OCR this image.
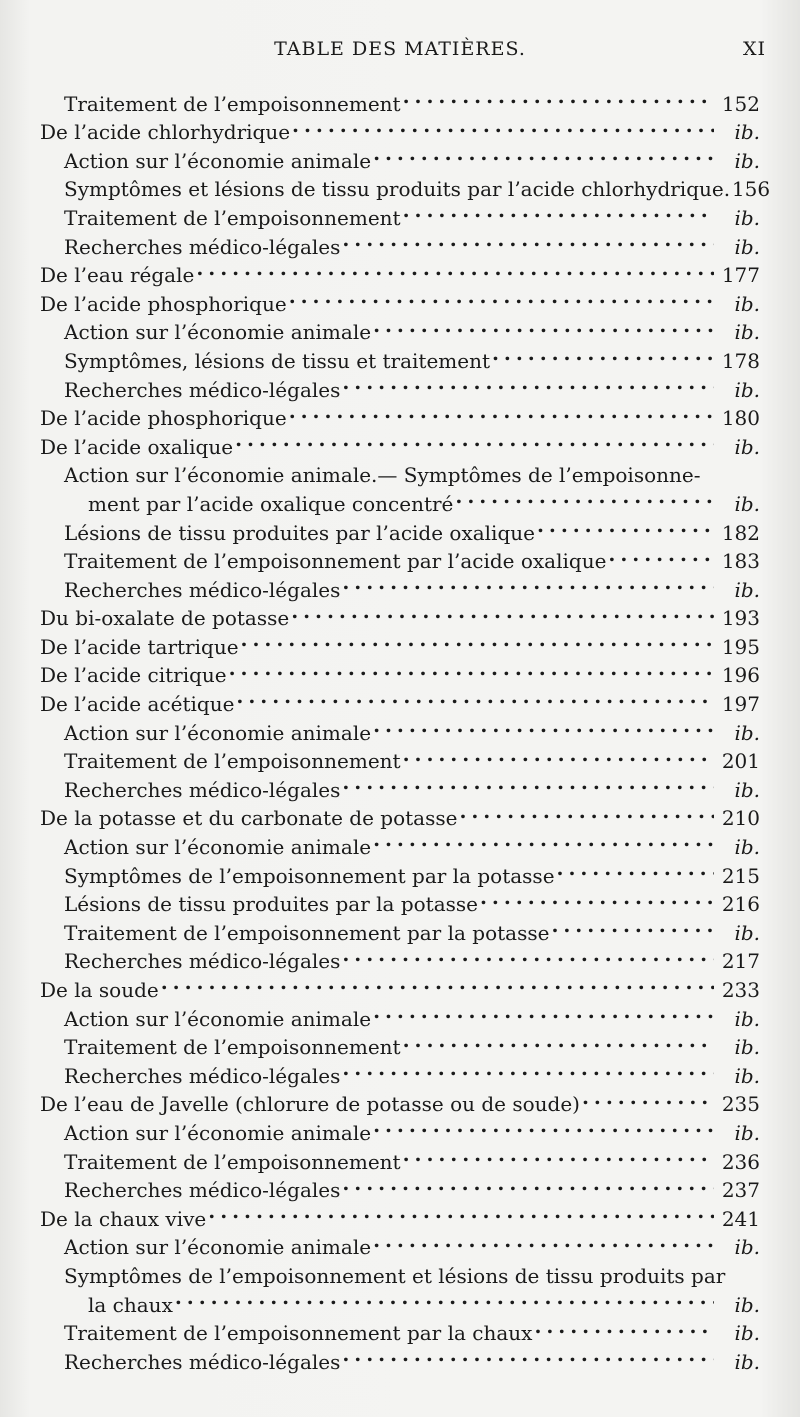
TABLE DES MATIÈRES.	XI
Traitement de l’empoisonnement . . .	152
De l’acide chlorhydrique . . .	ib.
Action sur l’économie animale . . .	ib.
Symptômes et lésions de tissu produits par l’acide chlorhydrique. 156
Traitement de l’empoisonnement . . .	ib.
Recherches médico-légales . . .	ib.
De l’eau régale . . .	177
De l’acide phosphorique . . .	ib.
Action sur l’économie animale . . .	ib.
Symptômes, lésions de tissu et traitement . . .	178
Recherches médico-légales . . .	ib.
De l’acide phosphorique . . .	180
De l’acide oxalique . . .	ib.
Action sur l’économie animale.— Symptômes de l’empoisonne-
ment par l’acide oxalique concentré . . .	ib.
Lésions de tissu produites par l’acide oxalique . . .	182
Traitement de l’empoisonnement par l’acide oxalique . . .	183
Recherches médico-légales . . .	ib.
Du bi-oxalate de potasse . . .	193
De l’acide tartrique . . .	195
De l’acide citrique . . .	196
De l’acide acétique . . .	197
Action sur l’économie animale . . .	ib.
Traitement de l’empoisonnement . . .	201
Recherches médico-légales . . .	ib.
De la potasse et du carbonate de potasse . . .	210
Action sur l’économie animale . . .	ib.
Symptômes de l’empoisonnement par la potasse . . .	215
Lésions de tissu produites par la potasse . . .	216
Traitement de l’empoisonnement par la potasse . . .	ib.
Recherches médico-légales . . .	217
De la soude . . .	233
Action sur l’économie animale . . .	ib.
Traitement de l’empoisonnement . . .	ib.
Recherches médico-légales . . .	ib.
De l’eau de Javelle (chlorure de potasse ou de soude) . . .	235
Action sur l’économie animale . . .	ib.
Traitement de l’empoisonnement . . .	236
Recherches médico-légales . . .	237
De la chaux vive . . .	241
Action sur l’économie animale . . .	ib.
Symptômes de l’empoisonnement et lésions de tissu produits par
la chaux . . .	ib.
Traitement de l’empoisonnement par la chaux . . .	ib.
Recherches médico-légales . . .	ib.
